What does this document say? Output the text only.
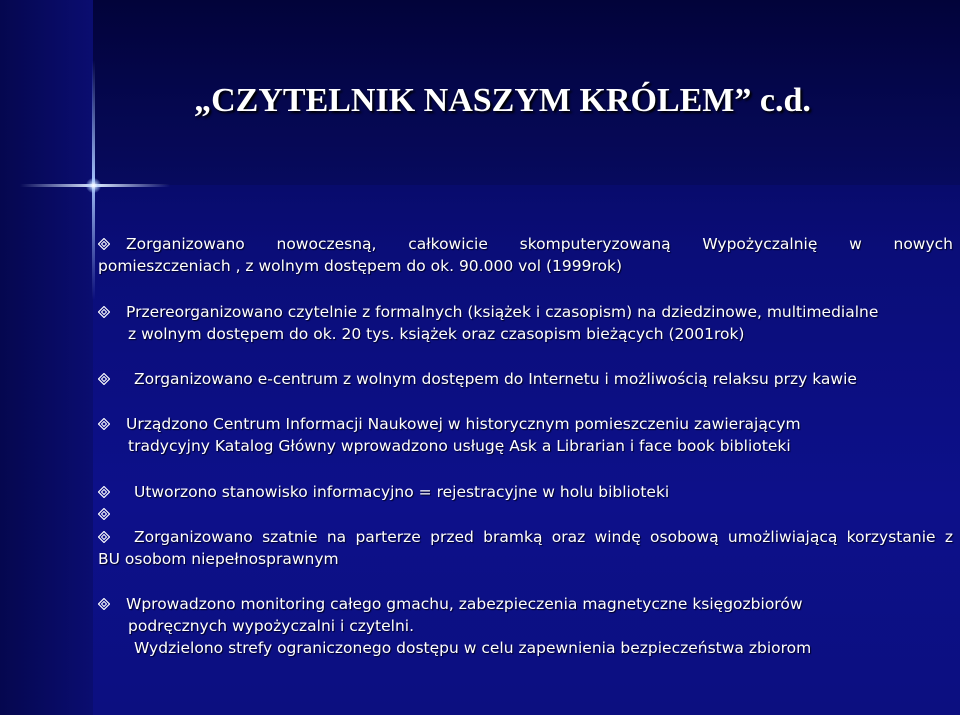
„CZYTELNIK NASZYM KRÓLEM” c.d.
Zorganizowano nowoczesną, całkowicie skomputeryzowaną Wypożyczalnię w nowych
pomieszczeniach , z wolnym dostępem do ok. 90.000 vol (1999rok)
Przereorganizowano czytelnie z formalnych (książek i czasopism) na dziedzinowe, multimedialne
z wolnym dostępem do ok. 20 tys. książek oraz czasopism bieżących (2001rok)
Zorganizowano e-centrum z wolnym dostępem do Internetu i możliwością relaksu przy kawie
Urządzono Centrum Informacji Naukowej w historycznym pomieszczeniu zawierającym
tradycyjny Katalog Główny wprowadzono usługę Ask a Librarian i face book biblioteki
Utworzono stanowisko informacyjno = rejestracyjne w holu biblioteki
Zorganizowano szatnie na parterze przed bramką oraz windę osobową umożliwiającą korzystanie z
BU osobom niepełnosprawnym
Wprowadzono monitoring całego gmachu, zabezpieczenia magnetyczne księgozbiorów
podręcznych wypożyczalni i czytelni.
Wydzielono strefy ograniczonego dostępu w celu zapewnienia bezpieczeństwa zbiorom
